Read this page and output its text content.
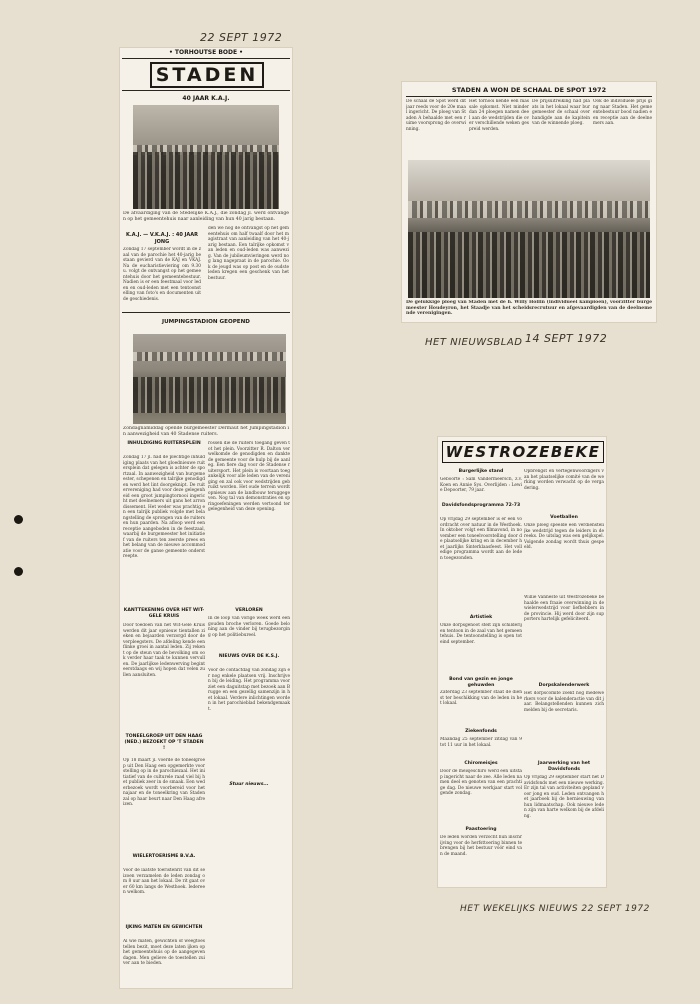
22 SEPT 1972
HET NIEUWSBLAD 14 SEPT 1972
HET WEKELIJKS NIEUWS 22 SEPT 1972
• TORHOUTSE BODE •
STADEN
40 JAAR K.A.J.
De afvaardiging van de Stedelijke K.A.J., die zondag jl. werd ontvangen op het gemeentehuis naar aanleiding van hun 40 jarig bestaan.
K.A.J. — V.K.A.J. : 40 JAAR JONG
Zondag 17 september wordt in de zaal van de parochie het 40-jarig bestaan gevierd van de KAJ en VKAJ. Na de eucharistieviering om 9.30 u. volgt de ontvangst op het gemeentehuis door het gemeentebestuur. Nadien is er een feestmaal voor leden en oud-leden met een tentoonstelling van foto's en documenten uit de geschiedenis.
den we nog de ontvangst op het gemeentehuis om half twaalf door het magistraat van aanleiding van het 40-jarig bestaan. Een talrijke opkomst van leden en oud-leden was aanwezig. Van de jubileumvieringen werd nog lang nagepraat in de parochie. Ook de jeugd was op post en de oudste leden kregen een geschenk van het bestuur.
JUMPINGSTADION GEOPEND
Zondagnamiddag opende burgemeester Dermaut het Jumpingstadion in aanwezigheid van 40 Stadense ruiters.
INHULDIGING RUITERSPLEIN
Zondag 17 jl. had de plechtige inhuldiging plaats van het gloednieuwe ruitersplein dat gelegen is achter de sportzaal. In aanwezigheid van burgemeester, schepenen en talrijke genodigden werd het lint doorgeknipt. De ruitervereniging had voor deze gelegenheid een groot jumpingtornooi ingericht met deelnemers uit gans het arrondissement. Het weder was prachtig en een talrijk publiek volgde met belangstelling de sprongen van de ruiters en hun paarden. Na afloop werd een receptie aangeboden in de feestzaal, waarbij de burgemeester het initiatief van de ruiters ten zeerste prees en het belang van de nieuwe accommodatie voor de ganse gemeente onderstreepte.
KANTTEKENING OVER HET WIT-GELE KRUIS
Door toedoen van het Wit-Gele Kruis werden dit jaar opnieuw tientallen zieken en bejaarden verzorgd door de verpleegsters. De afdeling kende een flinke groei in aantal leden. Zij rekent op de steun van de bevolking om ook verder haar taak te kunnen vervullen. De jaarlijkse ledenwerving begint eerstdaags en wij hopen dat velen zullen aansluiten.
TONEELGROEP UIT DEN HAAG (NED.) BEZOEKT OP 'T STADEN !
Op 18 maart jl. voerde de toneelgroep uit Den Haag een opgemerkte voorstelling op in de parochiezaal. Het initiatief van de culturele raad viel bij het publiek zeer in de smaak. Een wederbezoek wordt voorbereid voor het najaar en de toneelkring van Staden zal op haar beurt naar Den Haag afreizen.
WIELERTOERISME B.V.A.
Voor de laatste toeristenrit van dit seizoen verzamelen de leden zondag om 8 uur aan het lokaal. De rit gaat over 60 km langs de Westhoek. Iedereen welkom.
IJKING MATEN EN GEWICHTEN
Al wie maten, gewichten of weegtoestellen bezit, moet deze laten ijken op het gemeentehuis op de aangegeven dagen. Men gelieve de toestellen zuiver aan te bieden.
rossen die de ruiters toegang geven tot het plein. Voorzitter R. Dalton verwelkomde de genodigden en dankte de gemeente voor de hulp bij de aanleg. Een fiere dag voor de Stadense ruitersport. Het plein is voortaan toegankelijk voor alle leden van de vereniging en zal ook voor wedstrijden gebruikt worden. Het oude terrein wordt opnieuw aan de landbouw teruggegeven. Nog tal van demonstraties en springoefeningen werden vertoond ter gelegenheid van deze opening.
VERLOREN
In de loop van vorige week werd een gouden broche verloren. Goede beloning aan de vinder bij terugbezorging op het politiebureel.
NIEUWS OVER DE K.S.J.
Voor de contactdag van zondag zijn er nog enkele plaatsen vrij. Inschrijven bij de leiding. Het programma voorziet een daguitstap met bezoek aan Brugge en een gezellig samenzijn in het lokaal. Verdere inlichtingen worden in het parochieblad bekendgemaakt.
Stuur nieuws...
STADEN A WON DE SCHAAL DE SPOT 1972
De schaal de Spot werd dit jaar reeds voor de 20e maal ingericht. De ploeg van Staden A behaalde met een ruime voorsprong de overwinning.
Het tornooi kende een massale opkomst. Niet minder dan 24 ploegen namen deel aan de wedstrijden die over verschillende weken gespreid werden.
De prijsuitreiking had plaats in het lokaal waar burgemeester de schaal overhandigde aan de kapitein van de winnende ploeg.
Ook de individuele prijs ging naar Staden. Het gemeentebestuur bood nadien een receptie aan de deelnemers aan.
De gelukkige ploeg van Staden met de h. Willy Hollin (individueel kampioen), voorzitter burgemeester Houdeyron, het Staadje van het scheidsrecrutuur en afgevaardigden van de deelnemende verenigingen.
WESTROZEBEKE
Burgerlijke stand
Geboorte : Sam Vandermeersch, z.v. Koen en Annie Sys. Overlijden : Lewie Depoorter, 79 jaar.
Davidsfondsprogramma 72-73
Op vrijdag 29 september is er een voordracht over natuur in de Westhoek. In oktober volgt een filmavond, in november een toneelvoorstelling door de plaatselijke kring en in december het jaarlijks Sinterklaasfeest. Het volledige programma wordt aan de leden toegezonden.
Artistiek
Onze dorpsgenoot stelt zijn schilderijen tentoon in de zaal van het gemeentehuis. De tentoonstelling is open tot eind september.
Bond van gezin en jonge gehuwden
Zaterdag 23 september staat de dienst ter beschikking van de leden in het lokaal.
Ziekenfonds
Maandag 25 september zitdag van 9 tot 11 uur in het lokaal.
Chiromeisjes
Door de meisjeschiro werd een uitstap ingericht naar de zee. Alle leden namen deel en genoten van een prachtige dag. De nieuwe werkjaar start volgende zondag.
Paastoering
De leden worden verzocht hun inschrijving voor de herfsttoering binnen te brengen bij het bestuur vóór eind van de maand.
Opbrengst en vertegenwoordigers van het plaatselijke comité van de werking worden verwacht op de vergadering.
Voetballen
Onze ploeg speelde een verdienstelijke wedstrijd tegen de leiders in de reeks. De uitslag was een gelijkspel. Volgende zondag wordt thuis gespeeld.
Willie Vanneste uit Westrozebeke behaalde een fraaie overwinning in de wielerwedstrijd voor liefhebbers in de provincie. Hij werd door zijn supporters hartelijk gefeliciteerd.
Dorpskalenderwerk
Het dorpscomité zoekt nog medewerkers voor de kalenderactie van dit jaar. Belangstellenden kunnen zich melden bij de secretaris.
Jaarwerking van het Davidsfonds
Op vrijdag 29 september start het Davidsfonds met een nieuwe werking. Er zijn tal van activiteiten gepland voor jong en oud. Leden ontvangen het jaarboek bij de hernieuwing van hun lidmaatschap. Ook nieuwe leden zijn van harte welkom bij de afdeling.
